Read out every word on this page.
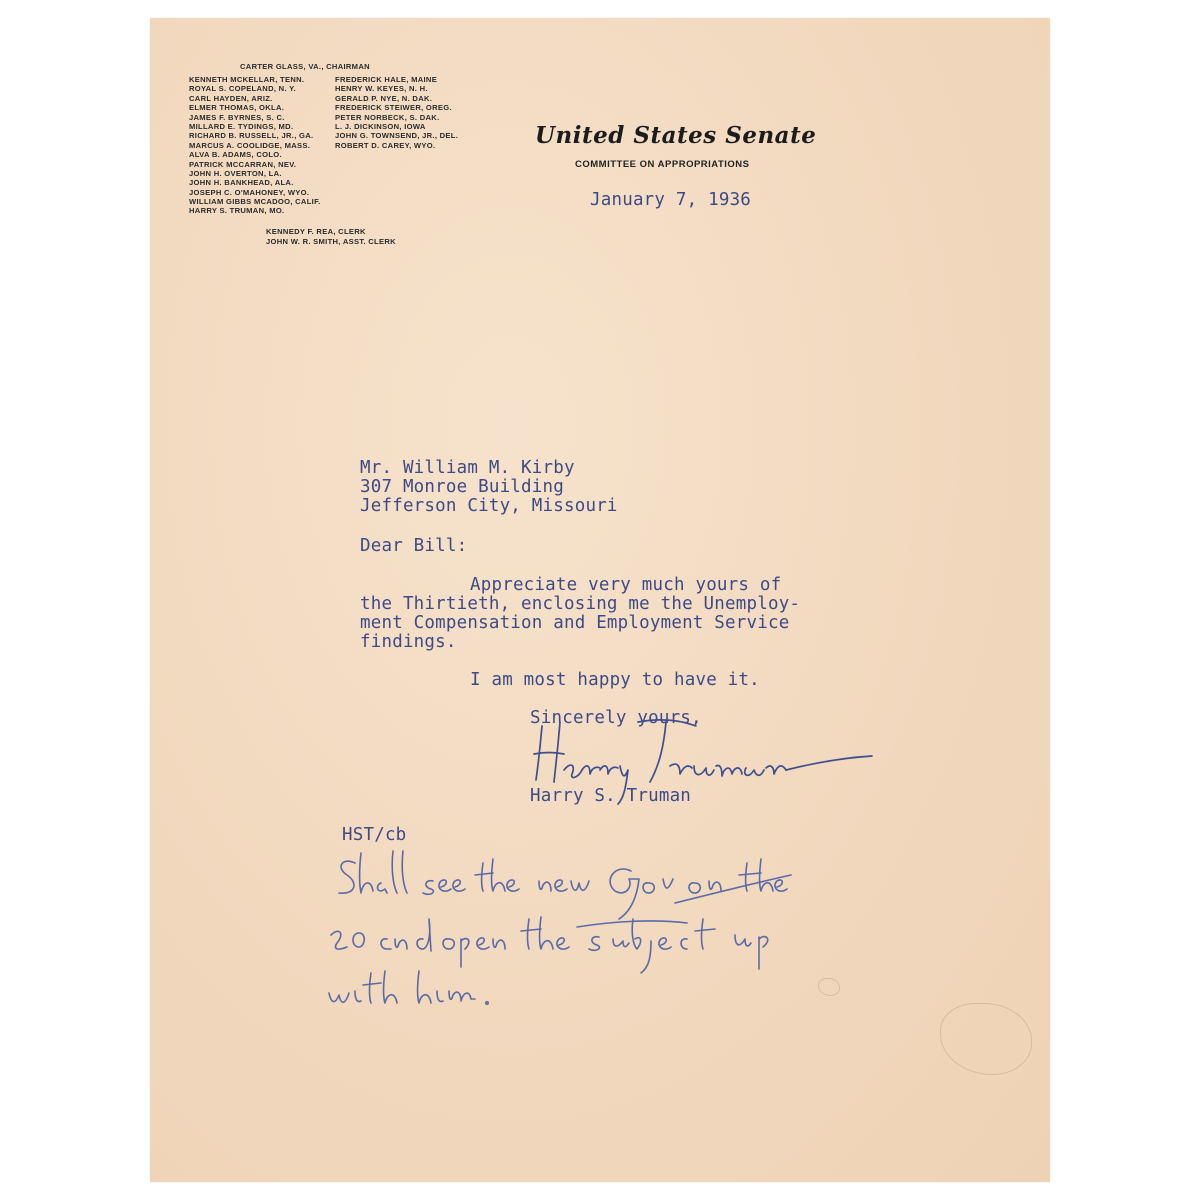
CARTER GLASS, VA., CHAIRMAN
KENNETH MCKELLAR, TENN.
ROYAL S. COPELAND, N. Y.
CARL HAYDEN, ARIZ.
ELMER THOMAS, OKLA.
JAMES F. BYRNES, S. C.
MILLARD E. TYDINGS, MD.
RICHARD B. RUSSELL, JR., GA.
MARCUS A. COOLIDGE, MASS.
ALVA B. ADAMS, COLO.
PATRICK MCCARRAN, NEV.
JOHN H. OVERTON, LA.
JOHN H. BANKHEAD, ALA.
JOSEPH C. O'MAHONEY, WYO.
WILLIAM GIBBS MCADOO, CALIF.
HARRY S. TRUMAN, MO.
FREDERICK HALE, MAINE
HENRY W. KEYES, N. H.
GERALD P. NYE, N. DAK.
FREDERICK STEIWER, OREG.
PETER NORBECK, S. DAK.
L. J. DICKINSON, IOWA
JOHN G. TOWNSEND, JR., DEL.
ROBERT D. CAREY, WYO.
KENNEDY F. REA, CLERK
JOHN W. R. SMITH, ASST. CLERK
United States Senate
COMMITTEE ON APPROPRIATIONS
January 7, 1936
Mr. William M. Kirby
307 Monroe Building
Jefferson City, Missouri
Dear Bill:
Appreciate very much yours of
the Thirtieth, enclosing me the Unemploy-
ment Compensation and Employment Service
findings.
I am most happy to have it.
Sincerely yours,
Harry S. Truman
HST/cb
